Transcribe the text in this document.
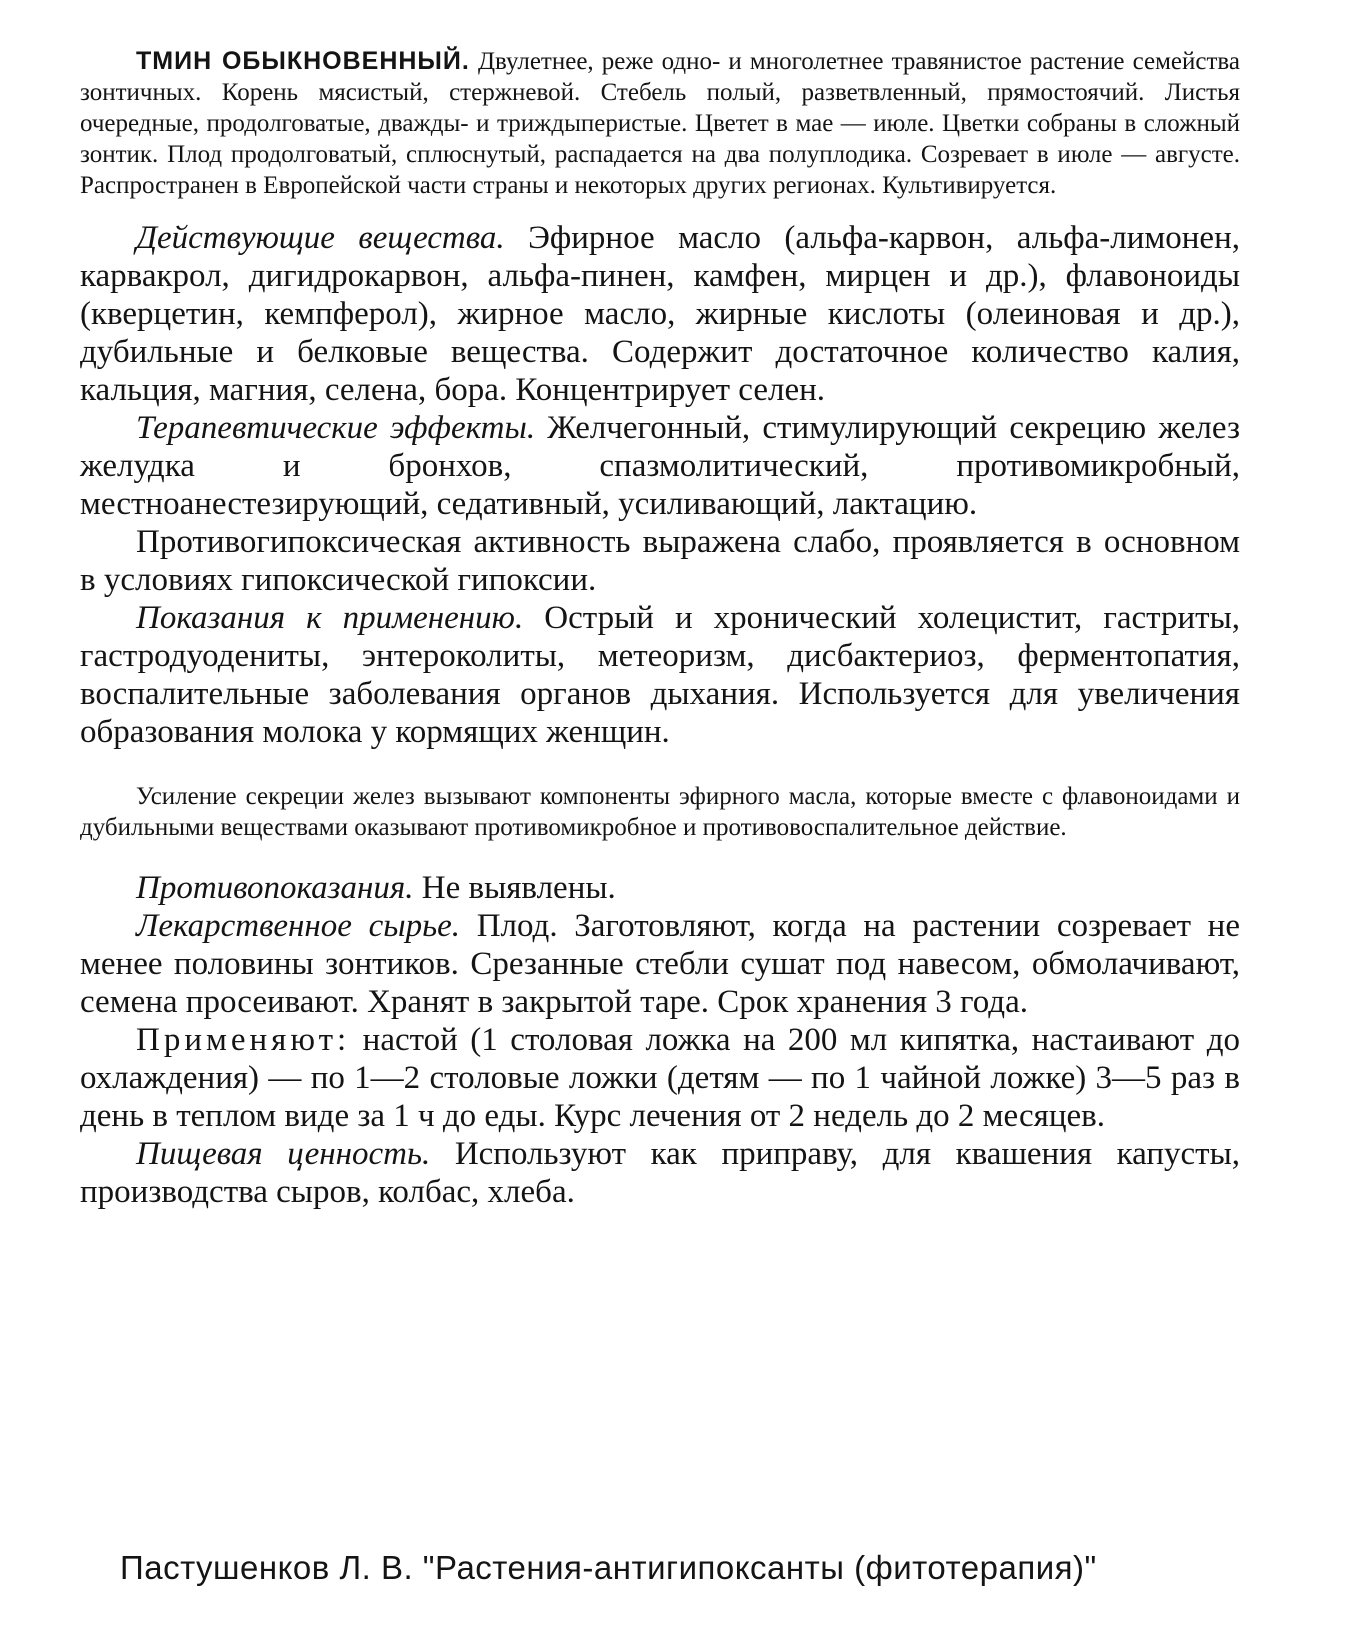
ТМИН ОБЫКНОВЕННЫЙ. Двулетнее, реже одно- и многолетнее травянистое растение семейства зонтичных. Корень мясистый, стержневой. Стебель полый, разветвленный, прямостоячий. Листья очередные, продолговатые, дважды- и триждыперистые. Цветет в мае — июле. Цветки собраны в сложный зонтик. Плод продолговатый, сплюснутый, распадается на два полуплодика. Созревает в июле — августе. Распространен в Европейской части страны и некоторых других регионах. Культивируется.

Действующие вещества. Эфирное масло (альфа-карвон, альфа-лимонен, карвакрол, дигидрокарвон, альфа-пинен, камфен, мирцен и др.), флавоноиды (кверцетин, кемпферол), жирное масло, жирные кислоты (олеиновая и др.), дубильные и белковые вещества. Содержит достаточное количество калия, кальция, магния, селена, бора. Концентрирует селен.

Терапевтические эффекты. Желчегонный, стимулирующий секрецию желез желудка и бронхов, спазмолитический, противомикробный, местноанестезирующий, седативный, усиливающий, лактацию.

Противогипоксическая активность выражена слабо, проявляется в основном в условиях гипоксической гипоксии.

Показания к применению. Острый и хронический холецистит, гастриты, гастродуодениты, энтероколиты, метеоризм, дисбактериоз, ферментопатия, воспалительные заболевания органов дыхания. Используется для увеличения образования молока у кормящих женщин.

Усиление секреции желез вызывают компоненты эфирного масла, которые вместе с флавоноидами и дубильными веществами оказывают противомикробное и противовоспалительное действие.

Противопоказания. Не выявлены.

Лекарственное сырье. Плод. Заготовляют, когда на растении созревает не менее половины зонтиков. Срезанные стебли сушат под навесом, обмолачивают, семена просеивают. Хранят в закрытой таре. Срок хранения 3 года.

Применяют: настой (1 столовая ложка на 200 мл кипятка, настаивают до охлаждения) — по 1—2 столовые ложки (детям — по 1 чайной ложке) 3—5 раз в день в теплом виде за 1 ч до еды. Курс лечения от 2 недель до 2 месяцев.

Пищевая ценность. Используют как приправу, для квашения капусты, производства сыров, колбас, хлеба.

Пастушенков Л. В. "Растения-антигипоксанты (фитотерапия)"
